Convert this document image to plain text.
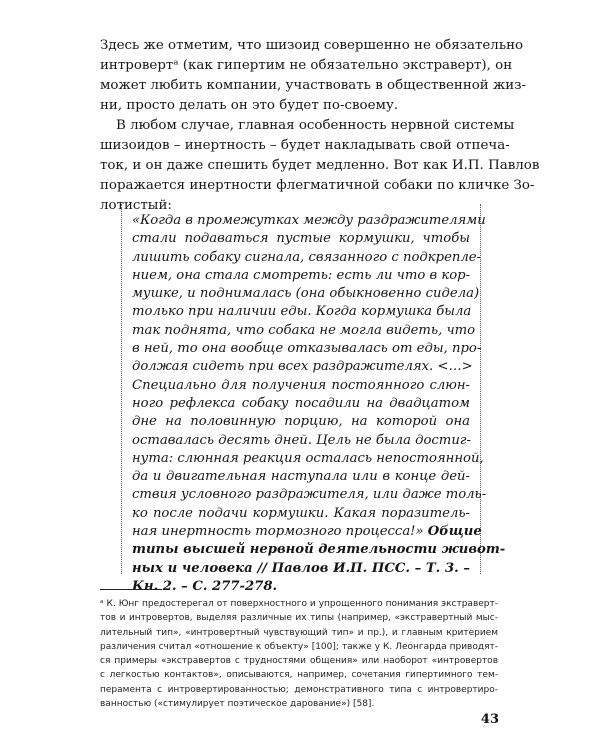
Здесь же отметим, что шизоид совершенно не обязательно
интровертᵃ (как гипертим не обязательно экстраверт), он
может любить компании, участвовать в общественной жиз-
ни, просто делать он это будет по-своему.
В любом случае, главная особенность нервной системы
шизоидов – инертность – будет накладывать свой отпеча-
ток, и он даже спешить будет медленно. Вот как И.П. Павлов
поражается инертности флегматичной собаки по кличке Зо-
лотистый:
«Когда в промежутках между раздражителями
стали подаваться пустые кормушки, чтобы
лишить собаку сигнала, связанного с подкрепле-
нием, она стала смотреть: есть ли что в кор-
мушке, и поднималась (она обыкновенно сидела)
только при наличии еды. Когда кормушка была
так поднята, что собака не могла видеть, что
в ней, то она вообще отказывалась от еды, про-
должая сидеть при всех раздражителях. <…>
Специально для получения постоянного слюн-
ного рефлекса собаку посадили на двадцатом
дне на половинную порцию, на которой она
оставалась десять дней. Цель не была достиг-
нута: слюнная реакция осталась непостоянной,
да и двигательная наступала или в конце дей-
ствия условного раздражителя, или даже толь-
ко после подачи кормушки. Какая поразитель-
ная инертность тормозного процесса!» Общие
типы высшей нервной деятельности живот-
ных и человека // Павлов И.П. ПСС. – Т. 3. –
Кн. 2. – С. 277-278.
ᵃ К. Юнг предостерегал от поверхностного и упрощенного понимания экстраверт-
тов и интровертов, выделяя различные их типы (например, «экстравертный мыс-
лительный тип», «интровертный чувствующий тип» и пр.), и главным критерием
различения считал «отношение к объекту» [100]; также у К. Леонгарда приводят-
ся примеры «экстравертов с трудностями общения» или наоборот «интровертов
с легкостью контактов», описываются, например, сочетания гипертимного тем-
перамента с интровертированностью; демонстративного типа с интровертиро-
ванностью («стимулирует поэтическое дарование») [58].
43
